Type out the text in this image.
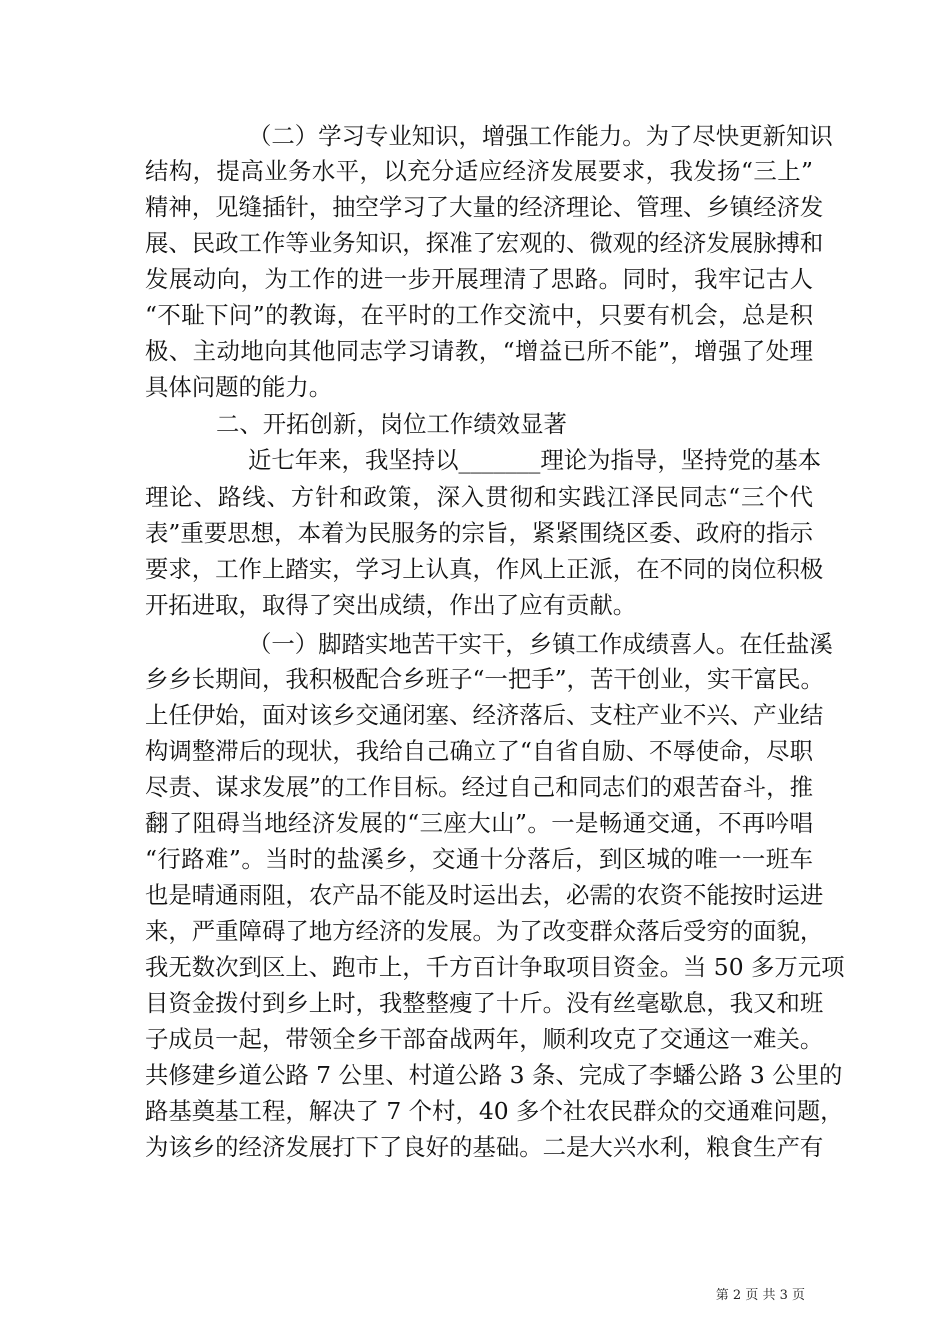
（二）学习专业知识，增强工作能力。为了尽快更新知识
结构，提高业务水平，以充分适应经济发展要求，我发扬“三上”
精神，见缝插针，抽空学习了大量的经济理论、管理、乡镇经济发
展、民政工作等业务知识，探准了宏观的、微观的经济发展脉搏和
发展动向，为工作的进一步开展理清了思路。同时，我牢记古人
“不耻下问”的教诲，在平时的工作交流中，只要有机会，总是积
极、主动地向其他同志学习请教，“增益已所不能”，增强了处理
具体问题的能力。
二、开拓创新，岗位工作绩效显著
近七年来，我坚持以_______理论为指导，坚持党的基本
理论、路线、方针和政策，深入贯彻和实践江泽民同志“三个代
表”重要思想，本着为民服务的宗旨，紧紧围绕区委、政府的指示
要求，工作上踏实，学习上认真，作风上正派，在不同的岗位积极
开拓进取，取得了突出成绩，作出了应有贡献。
（一）脚踏实地苦干实干，乡镇工作成绩喜人。在任盐溪
乡乡长期间，我积极配合乡班子“一把手”，苦干创业，实干富民。
上任伊始，面对该乡交通闭塞、经济落后、支柱产业不兴、产业结
构调整滞后的现状，我给自己确立了“自省自励、不辱使命，尽职
尽责、谋求发展”的工作目标。经过自己和同志们的艰苦奋斗，推
翻了阻碍当地经济发展的“三座大山”。一是畅通交通，不再吟唱
“行路难”。当时的盐溪乡，交通十分落后，到区城的唯一一班车
也是晴通雨阻，农产品不能及时运出去，必需的农资不能按时运进
来，严重障碍了地方经济的发展。为了改变群众落后受穷的面貌，
我无数次到区上、跑市上，千方百计争取项目资金。当 50 多万元项
目资金拨付到乡上时，我整整瘦了十斤。没有丝毫歇息，我又和班
子成员一起，带领全乡干部奋战两年，顺利攻克了交通这一难关。
共修建乡道公路 7 公里、村道公路 3 条、完成了李蟠公路 3 公里的
路基奠基工程，解决了 7 个村，40 多个社农民群众的交通难问题，
为该乡的经济发展打下了良好的基础。二是大兴水利，粮食生产有
第 2 页 共 3 页
